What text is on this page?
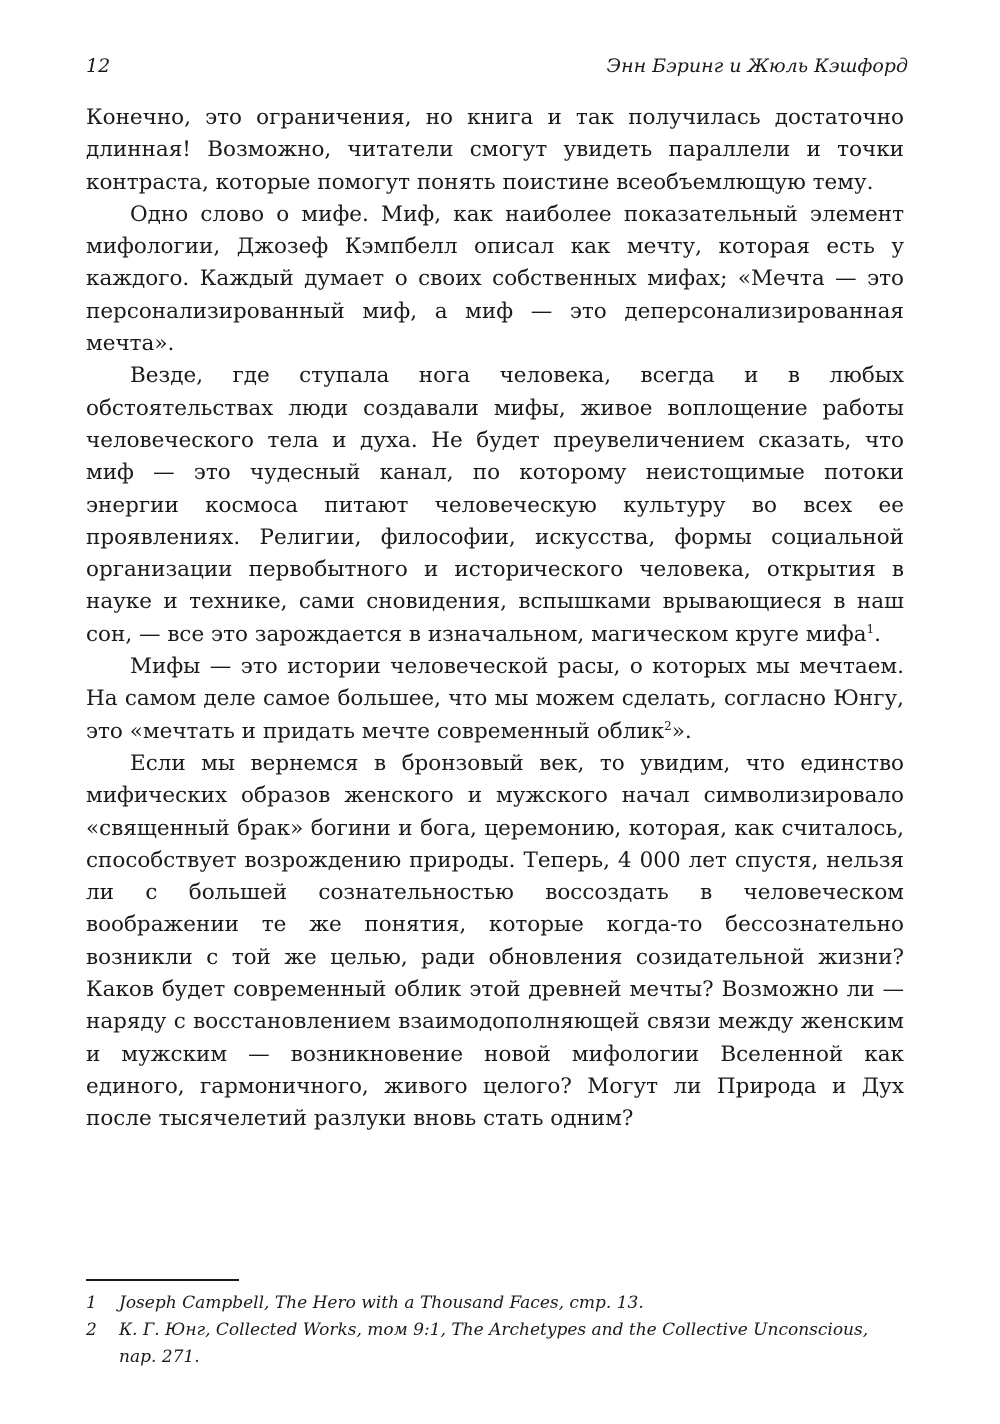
12	Энн Бэринг и Жюль Кэшфорд

Конечно, это ограничения, но книга и так получилась достаточно длинная! Возможно, читатели смогут увидеть параллели и точки контраста, которые помогут понять поистине всеобъемлющую тему.

Одно слово о мифе. Миф, как наиболее показательный элемент мифологии, Джозеф Кэмпбелл описал как мечту, которая есть у каждого. Каждый думает о своих собственных мифах; «Мечта — это персонализированный миф, а миф — это деперсонализированная мечта».

Везде, где ступала нога человека, всегда и в любых обстоятельствах люди создавали мифы, живое воплощение работы человеческого тела и духа. Не будет преувеличением сказать, что миф — это чудесный канал, по которому неистощимые потоки энергии космоса питают человеческую культуру во всех ее проявлениях. Религии, философии, искусства, формы социальной организации первобытного и исторического человека, открытия в науке и технике, сами сновидения, вспышками врывающиеся в наш сон, — все это зарождается в изначальном, магическом круге мифа$^1$.

Мифы — это истории человеческой расы, о которых мы мечтаем. На самом деле самое большее, что мы можем сделать, согласно Юнгу, это «мечтать и придать мечте современный облик$^2$».

Если мы вернемся в бронзовый век, то увидим, что единство мифических образов женского и мужского начал символизировало «священный брак» богини и бога, церемонию, которая, как считалось, способствует возрождению природы. Теперь, 4 000 лет спустя, нельзя ли с большей сознательностью воссоздать в человеческом воображении те же понятия, которые когда-то бессознательно возникли с той же целью, ради обновления созидательной жизни? Каков будет современный облик этой древней мечты? Возможно ли — наряду с восстановлением взаимодополняющей связи между женским и мужским — возникновение новой мифологии Вселенной как единого, гармоничного, живого целого? Могут ли Природа и Дух после тысячелетий разлуки вновь стать одним?

1	Joseph Campbell, The Hero with a Thousand Faces, стр. 13.
2	К. Г. Юнг, Collected Works, том 9:1, The Archetypes and the Collective Unconscious, пар. 271.
